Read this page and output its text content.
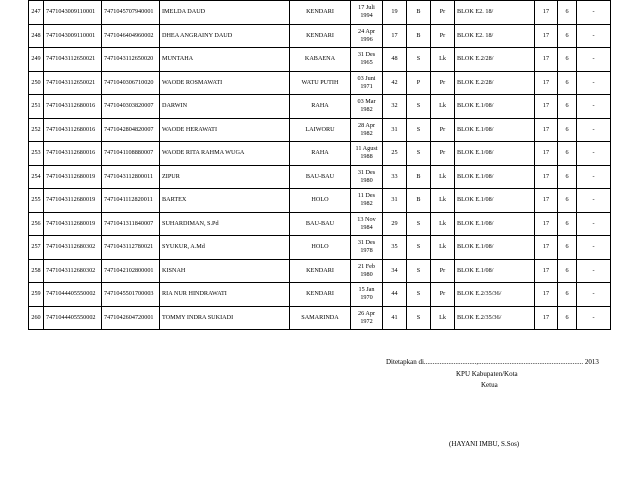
247	7471043009110001	7471045707940001	IMELDA DAUD	KENDARI	17 Juli
1994	19	B	Pr	BLOK E2. 18/	17	6	-
248	7471043009110001	7471046404960002	DHEA ANGRAINY DAUD	KENDARI	24 Apr
1996	17	B	Pr	BLOK E2. 18/	17	6	-
249	7471043112650021	7471043112650020	MUNTAHA	KABAENA	31 Des
1965	48	S	Lk	BLOK E.2/28/	17	6	-
250	7471043112650021	7471040306710020	WAODE ROSMAWATI	WATU PUTIH	03 Juni
1971	42	P	Pr	BLOK E.2/28/	17	6	-
251	7471043112680016	7471040303820007	DARWIN	RAHA	03 Mar
1982	32	S	Lk	BLOK E.1/08/	17	6	-
252	7471043112680016	7471042804820007	WAODE HERAWATI	LAIWORU	28 Apr
1982	31	S	Pr	BLOK E.1/08/	17	6	-
253	7471043112680016	7471041108880007	WAODE RITA RAHMA WUGA	RAHA	11 Agust
1988	25	S	Pr	BLOK E.1/08/	17	6	-
254	7471043112680019	7471043112800011	ZIPUR	BAU-BAU	31 Des
1980	33	B	Lk	BLOK E.1/08/	17	6	-
255	7471043112680019	7471041112820011	BARTEX	HOLO	11 Des
1982	31	B	Lk	BLOK E.1/08/	17	6	-
256	7471043112680019	7471041311840007	SUHARDIMAN, S.Pd	BAU-BAU	13 Nov
1984	29	S	Lk	BLOK E.1/08/	17	6	-
257	7471043112680302	7471043112780021	SYUKUR, A.Md	HOLO	31 Des
1978	35	S	Lk	BLOK E.1/08/	17	6	-
258	7471043112680302	7471042102800001	KISNAH	KENDARI	21 Feb
1980	34	S	Pr	BLOK E.1/08/	17	6	-
259	7471044405550002	7471045501700003	RIA NUR HINDRAWATI	KENDARI	15 Jan
1970	44	S	Pr	BLOK E.2/35/36/	17	6	-
260	7471044405550002	7471042604720001	TOMMY INDRA SUKIADI	SAMARINDA	26 Apr
1972	41	S	Lk	BLOK E.2/35/36/	17	6	-
Ditetapkan di..............................,............................................................ 2013
KPU Kabupaten/Kota
Ketua
(HAYANI IMBU, S.Sos)
